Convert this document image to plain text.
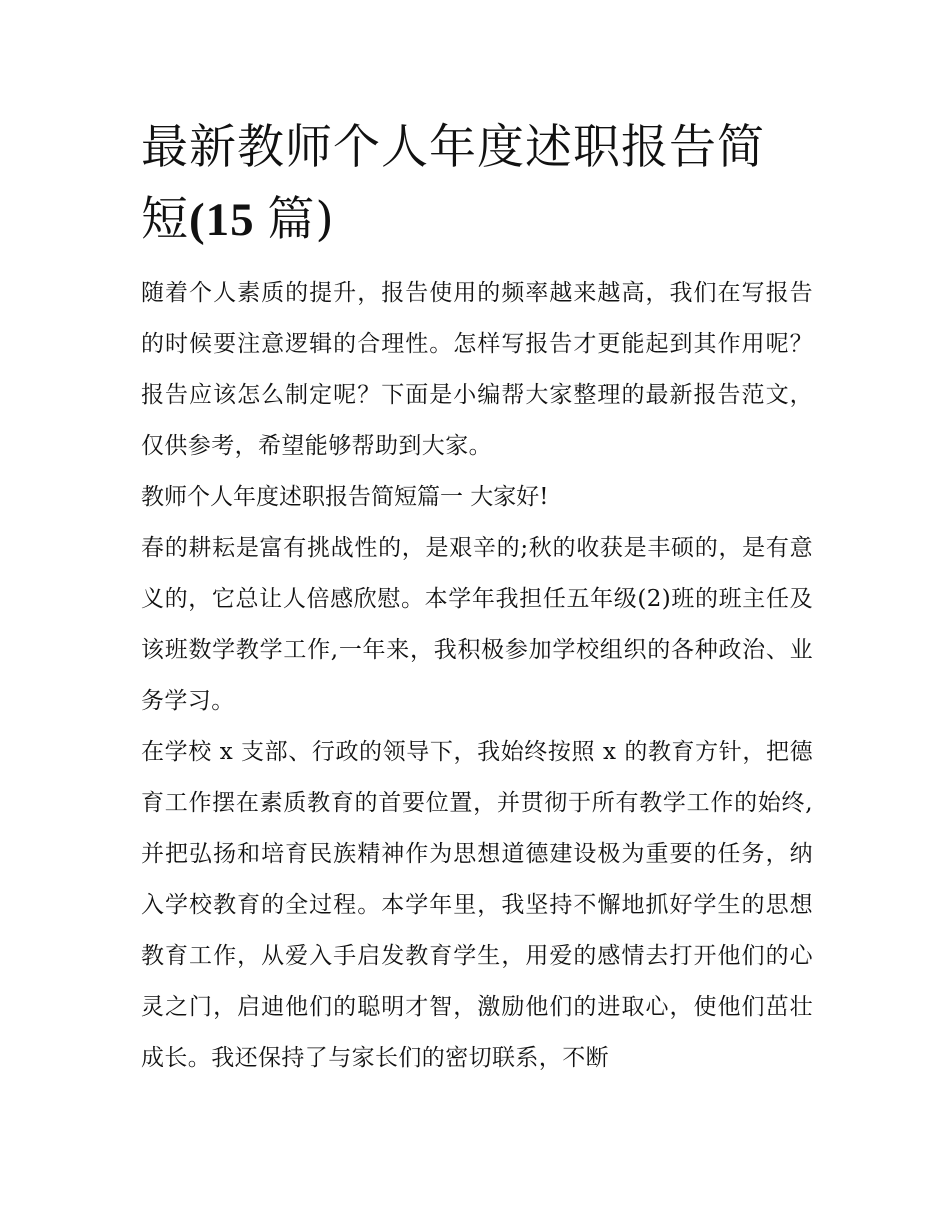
最新教师个人年度述职报告简
短(15 篇)

随着个人素质的提升，报告使用的频率越来越高，我们在写报告的时候要注意逻辑的合理性。怎样写报告才更能起到其作用呢？报告应该怎么制定呢？下面是小编帮大家整理的最新报告范文，仅供参考，希望能够帮助到大家。

教师个人年度述职报告简短篇一 大家好!

春的耕耘是富有挑战性的，是艰辛的;秋的收获是丰硕的，是有意义的，它总让人倍感欣慰。本学年我担任五年级(2)班的班主任及该班数学教学工作,一年来，我积极参加学校组织的各种政治、业务学习。

在学校 x 支部、行政的领导下，我始终按照 x 的教育方针，把德育工作摆在素质教育的首要位置，并贯彻于所有教学工作的始终,并把弘扬和培育民族精神作为思想道德建设极为重要的任务，纳入学校教育的全过程。本学年里，我坚持不懈地抓好学生的思想教育工作，从爱入手启发教育学生，用爱的感情去打开他们的心灵之门，启迪他们的聪明才智，激励他们的进取心，使他们茁壮成长。我还保持了与家长们的密切联系，不断
